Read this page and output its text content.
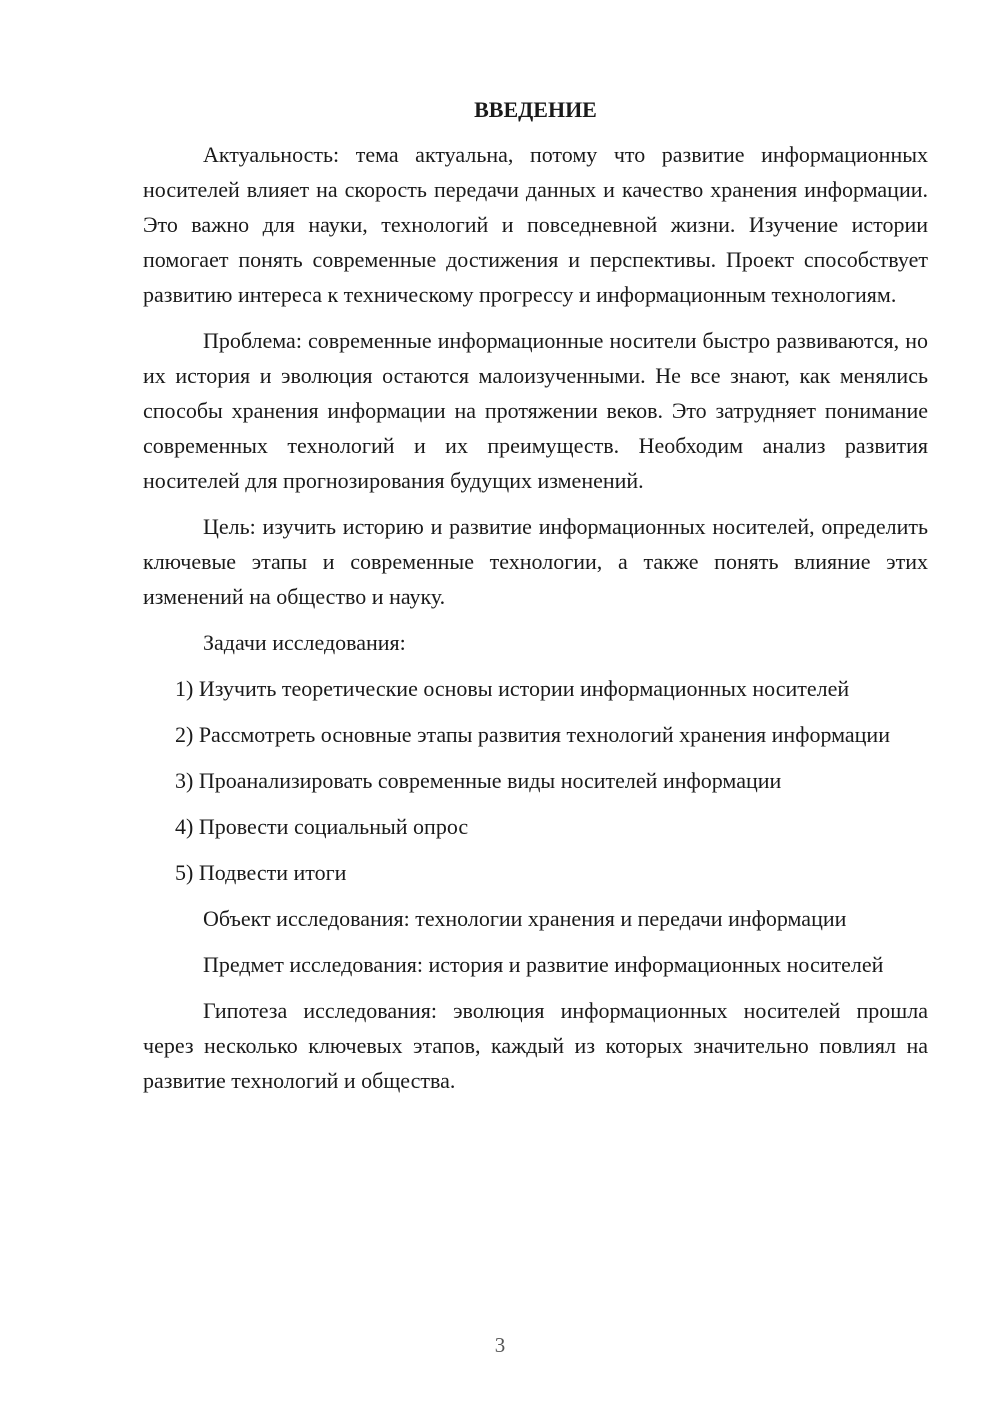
ВВЕДЕНИЕ

Актуальность: тема актуальна, потому что развитие информационных носителей влияет на скорость передачи данных и качество хранения информации. Это важно для науки, технологий и повседневной жизни. Изучение истории помогает понять современные достижения и перспективы. Проект способствует развитию интереса к техническому прогрессу и информационным технологиям.

Проблема: современные информационные носители быстро развиваются, но их история и эволюция остаются малоизученными. Не все знают, как менялись способы хранения информации на протяжении веков. Это затрудняет понимание современных технологий и их преимуществ. Необходим анализ развития носителей для прогнозирования будущих изменений.

Цель: изучить историю и развитие информационных носителей, определить ключевые этапы и современные технологии, а также понять влияние этих изменений на общество и науку.

Задачи исследования:

1) Изучить теоретические основы истории информационных носителей

2) Рассмотреть основные этапы развития технологий хранения информации

3) Проанализировать современные виды носителей информации

4) Провести социальный опрос

5) Подвести итоги

Объект исследования: технологии хранения и передачи информации

Предмет исследования: история и развитие информационных носителей

Гипотеза исследования: эволюция информационных носителей прошла через несколько ключевых этапов, каждый из которых значительно повлиял на развитие технологий и общества.

3
